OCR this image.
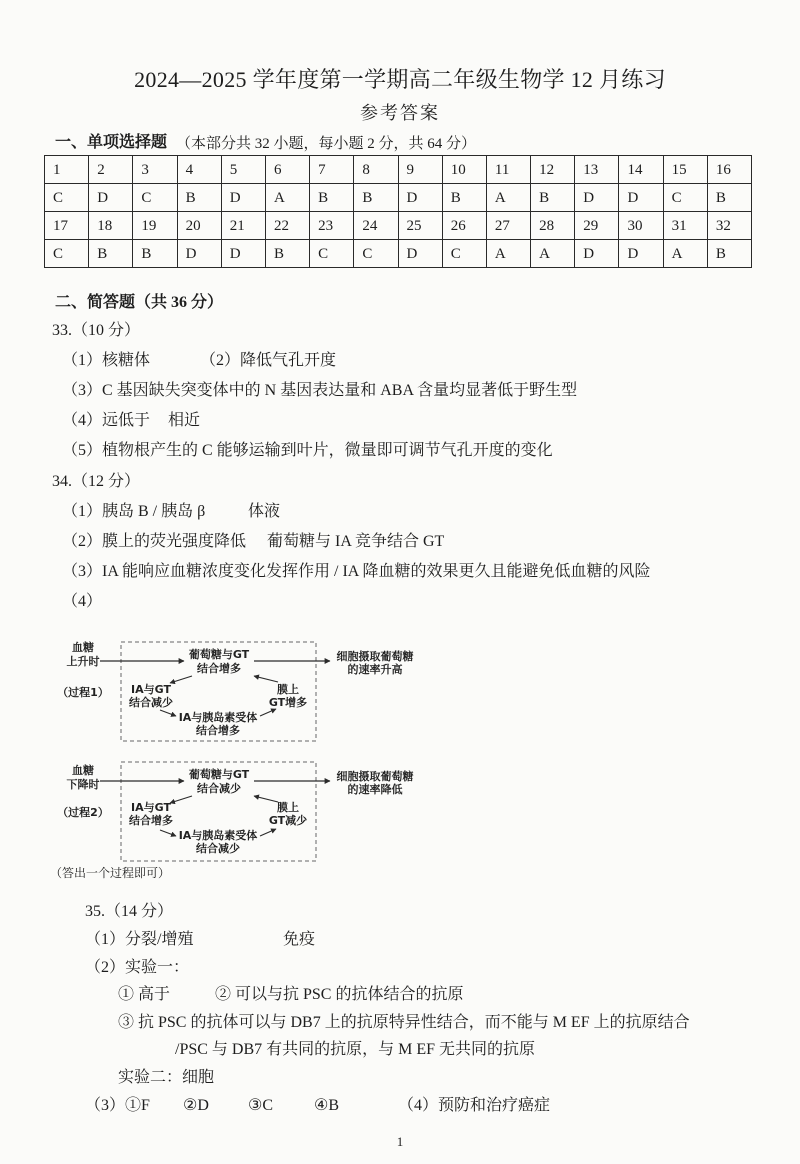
2024—2025 学年度第一学期高二年级生物学 12 月练习
参考答案
一、单项选择题 （本部分共 32 小题，每小题 2 分，共 64 分）
1	2	3	4	5	6	7	8	9	10	11	12	13	14	15	16
C	D	C	B	D	A	B	B	D	B	A	B	D	D	C	B
17	18	19	20	21	22	23	24	25	26	27	28	29	30	31	32
C	B	B	D	D	B	C	C	D	C	A	A	D	D	A	B
二、简答题（共 36 分）
33.（10 分）
（1）核糖体	（2）降低气孔开度
（3）C 基因缺失突变体中的 N 基因表达量和 ABA 含量均显著低于野生型
（4）远低于 相近
（5）植物根产生的 C 能够运输到叶片，微量即可调节气孔开度的变化
34.（12 分）
（1）胰岛 B / 胰岛 β	体液
（2）膜上的荧光强度降低 葡萄糖与 IA 竞争结合 GT
（3）IA 能响应血糖浓度变化发挥作用 / IA 降血糖的效果更久且能避免低血糖的风险
（4）
血糖
上升时
（过程1）
葡萄糖与GT
结合增多
IA与GT
结合减少
膜上
GT增多
IA与胰岛素受体
结合增多
细胞摄取葡萄糖
的速率升高
血糖
下降时
（过程2）
葡萄糖与GT
结合减少
IA与GT
结合增多
膜上
GT减少
IA与胰岛素受体
结合减少
细胞摄取葡萄糖
的速率降低
（答出一个过程即可）
35.（14 分）
（1）分裂/增殖	免疫
（2）实验一：
① 高于	② 可以与抗 PSC 的抗体结合的抗原
③ 抗 PSC 的抗体可以与 DB7 上的抗原特异性结合，而不能与 M EF 上的抗原结合
/PSC 与 DB7 有共同的抗原，与 M EF 无共同的抗原
实验二：细胞
（3）①F ②D ③C	④B	（4）预防和治疗癌症
1
